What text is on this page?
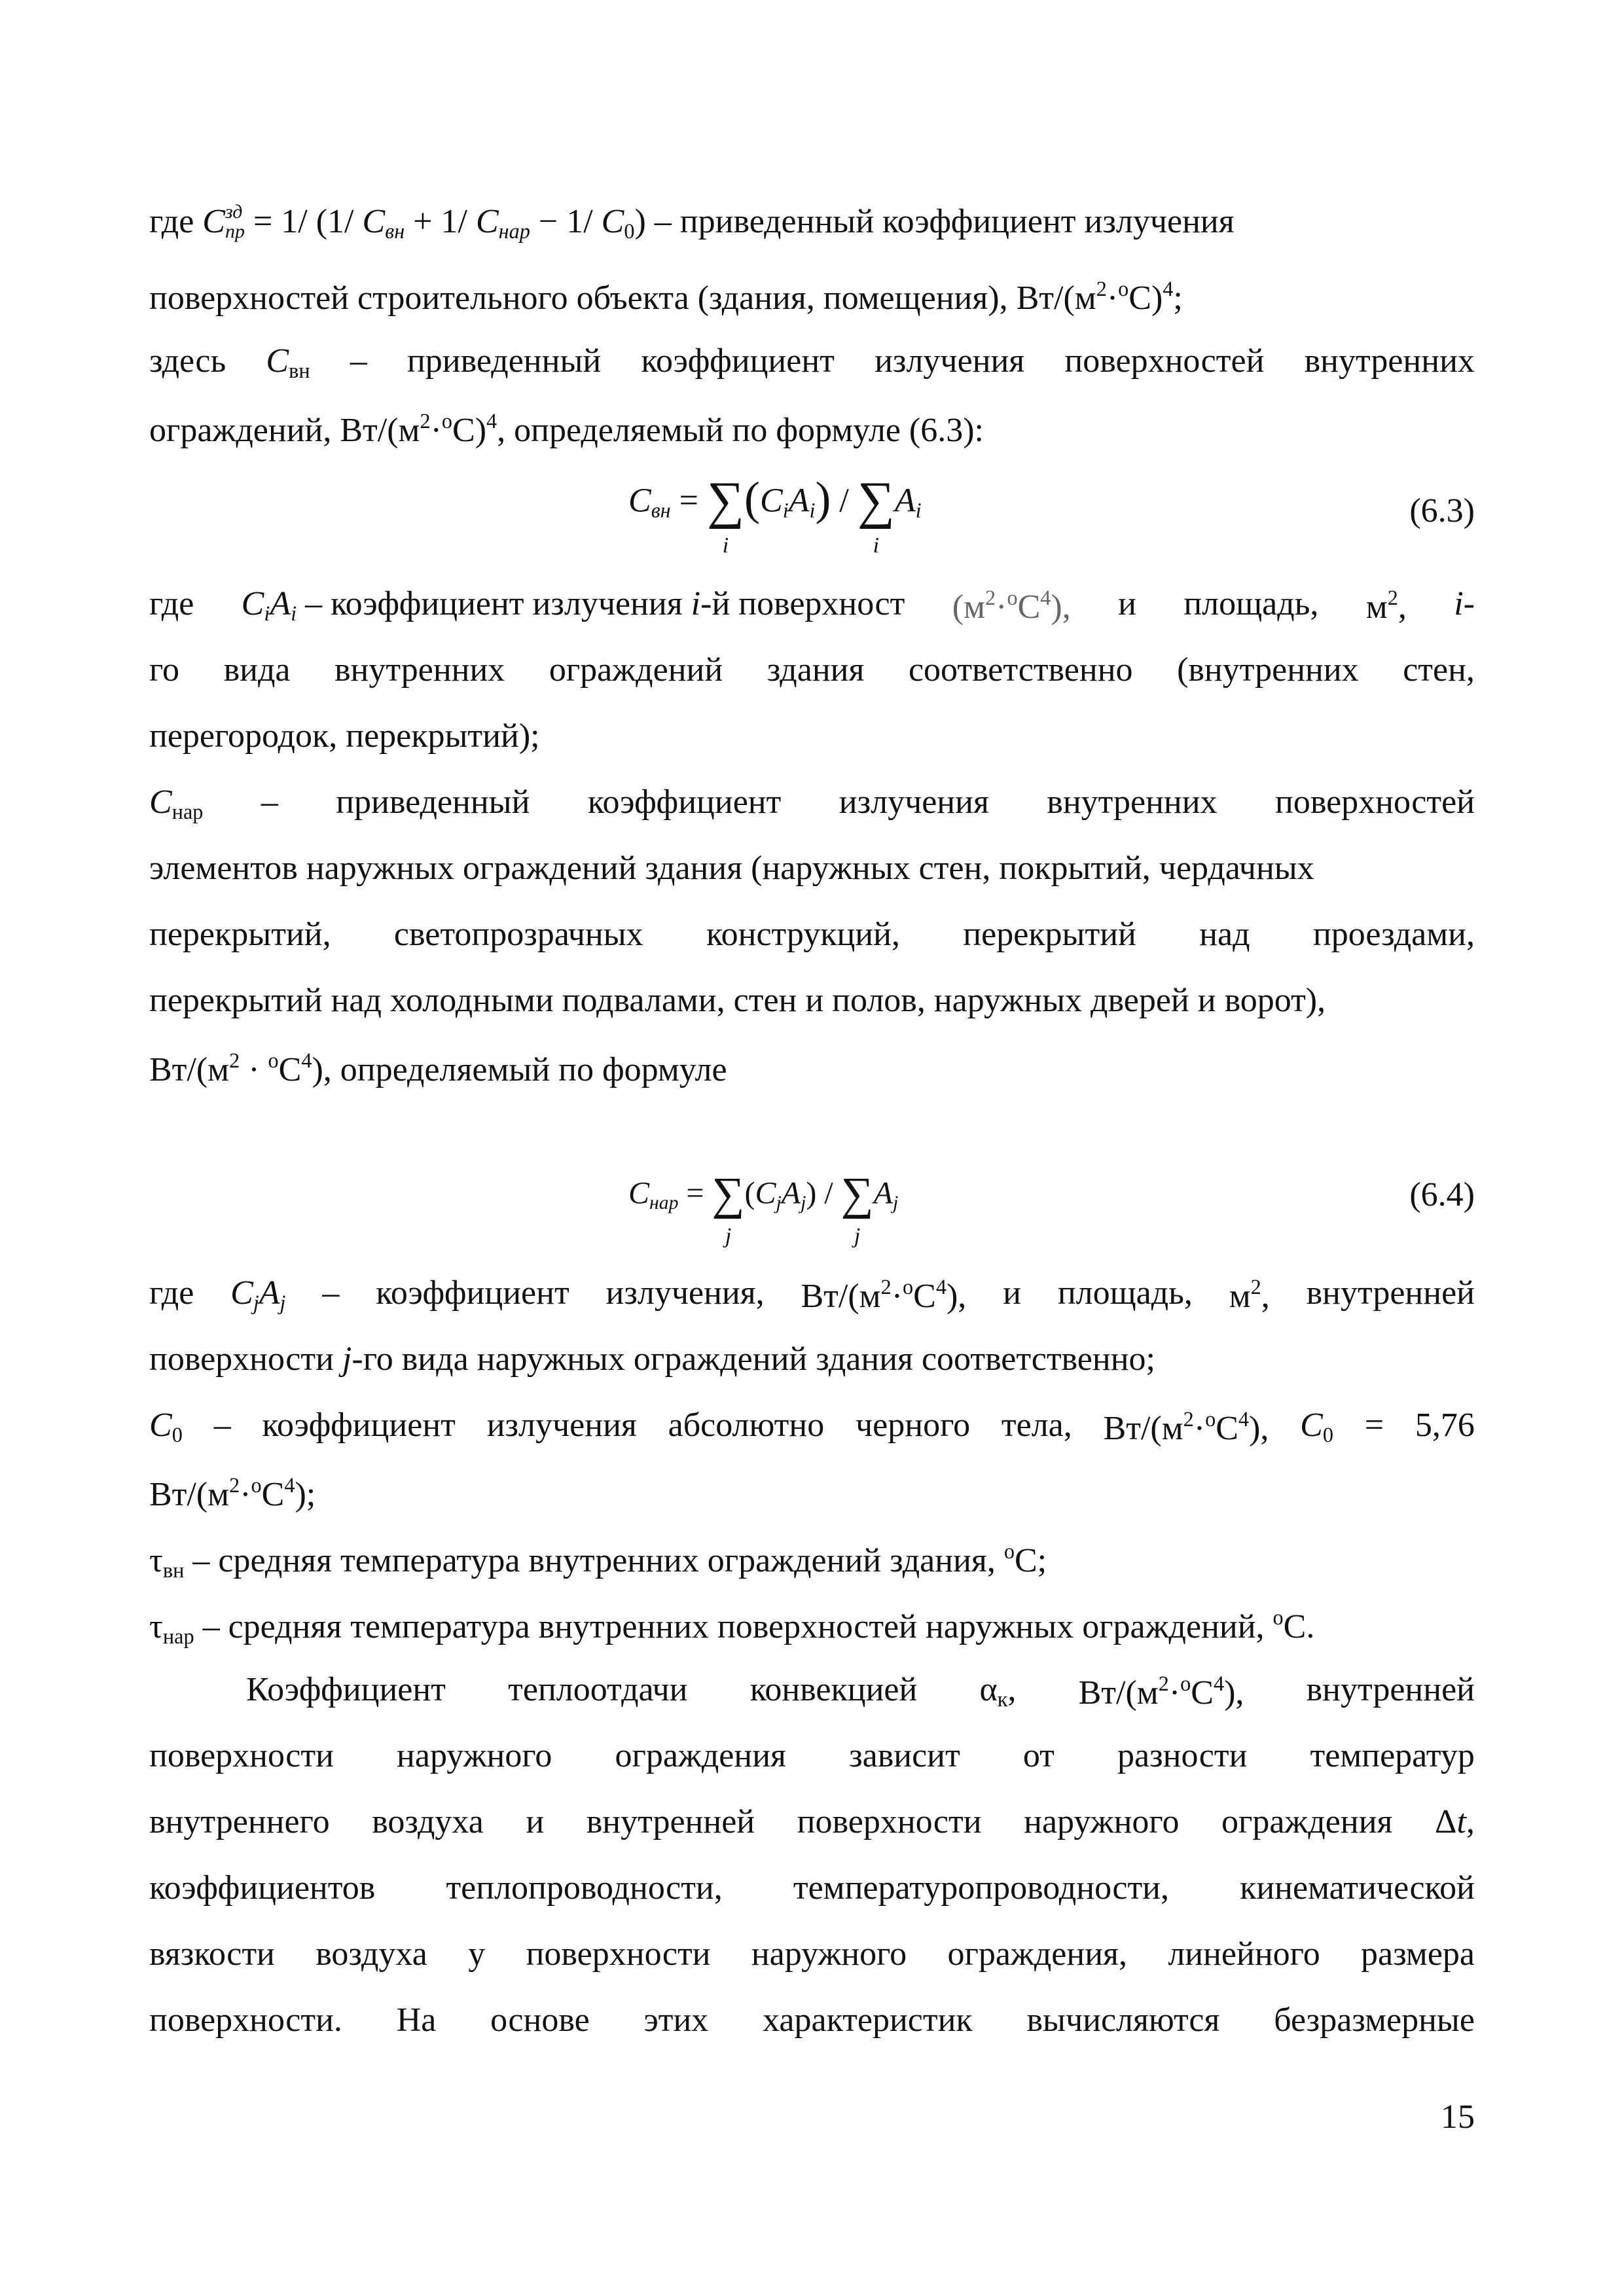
где C зд
пр = 1/ (1/ $C_{вн} + 1/$ $C_{нар} - 1/$ $C_0$) – приведенный коэффициент излучения
поверхностей строительного объекта (здания, помещения), $Вт/(м^2\cdot^oС)^4$;
здесь $C_{вн}$ – приведенный коэффициент излучения поверхностей внутренних
ограждений, $Вт/(м^2\cdot^oС)^4$, определяемый по формуле (6.3):
$C_{вн}$ = ∑
i
$(C_iA_i)$ / ∑
i
$A_i$	(6.3)
где $C_iA_i$ – коэффициент излучения i-й поверхност $(м^2\cdot^oС^4)$, и площадь, $м^2$, i-
го вида внутренних ограждений здания соответственно (внутренних стен,
перегородок, перекрытий);
$C_{нар}$ – приведенный коэффициент излучения внутренних поверхностей
элементов наружных ограждений здания (наружных стен, покрытий, чердачных
перекрытий, светопрозрачных конструкций, перекрытий над проездами,
перекрытий над холодными подвалами, стен и полов, наружных дверей и ворот),
$Вт/(м^2 \cdot ^oС^4)$, определяемый по формуле
$C_{нар}$ = ∑
j
$(C_jA_j)$ / ∑
j
$A_j$	(6.4)
где $C_jA_j$ – коэффициент излучения, $Вт/(м^2\cdot^oС^4)$, и площадь, $м^2$, внутренней
поверхности j-го вида наружных ограждений здания соответственно;
$C_0$ – коэффициент излучения абсолютно черного тела, $Вт/(м^2\cdot^oС^4)$, $C_0 = 5,76$
$Вт/(м^2\cdot^oС^4)$;
$\tau_{вн}$ – средняя температура внутренних ограждений здания, $^o$С;
$\tau_{нар}$ – средняя температура внутренних поверхностей наружных ограждений, $^o$С.
Коэффициент теплоотдачи конвекцией $\alpha_к$, $Вт/(м^2\cdot^oС^4)$, внутренней
поверхности наружного ограждения зависит от разности температур
внутреннего воздуха и внутренней поверхности наружного ограждения Δt,
коэффициентов теплопроводности, температуропроводности, кинематической
вязкости воздуха у поверхности наружного ограждения, линейного размера
поверхности. На основе этих характеристик вычисляются безразмерные
15
